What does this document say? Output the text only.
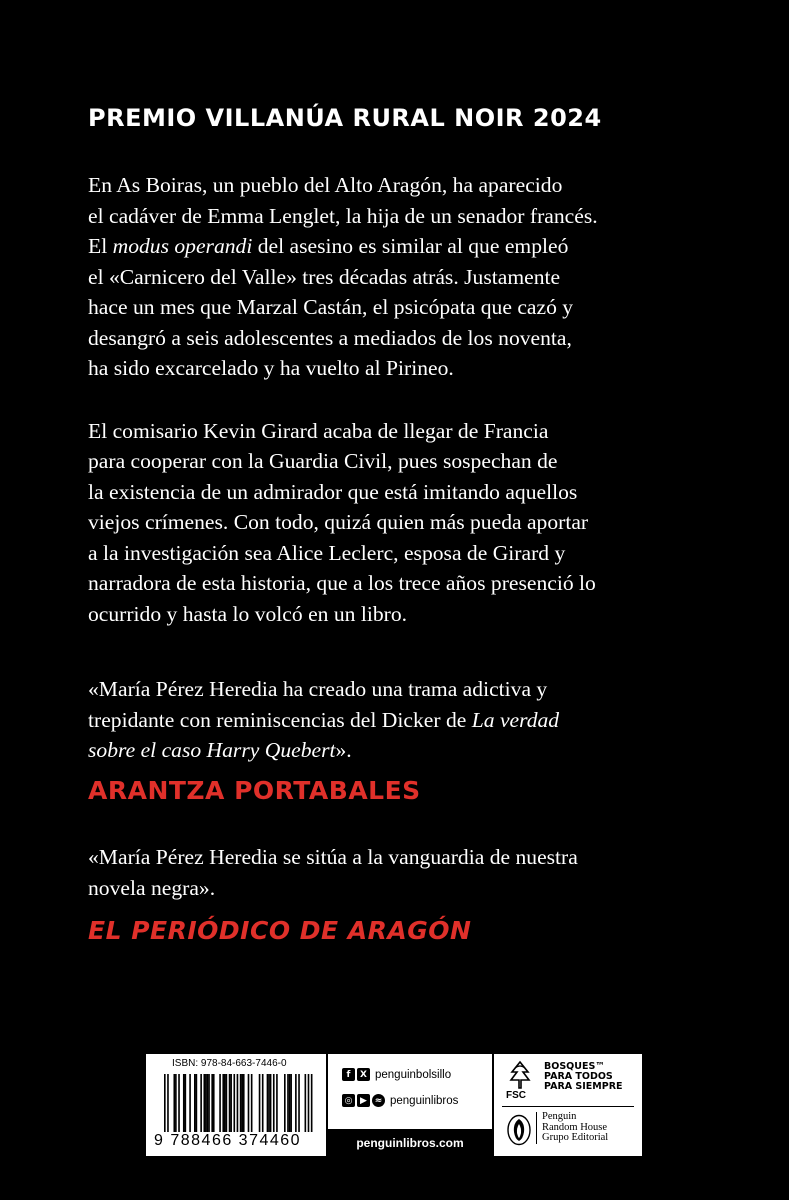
PREMIO VILLANÚA RURAL NOIR 2024

En As Boiras, un pueblo del Alto Aragón, ha aparecido
el cadáver de Emma Lenglet, la hija de un senador francés.
El modus operandi del asesino es similar al que empleó
el «Carnicero del Valle» tres décadas atrás. Justamente
hace un mes que Marzal Castán, el psicópata que cazó y
desangró a seis adolescentes a mediados de los noventa,
ha sido excarcelado y ha vuelto al Pirineo.

El comisario Kevin Girard acaba de llegar de Francia
para cooperar con la Guardia Civil, pues sospechan de
la existencia de un admirador que está imitando aquellos
viejos crímenes. Con todo, quizá quien más pueda aportar
a la investigación sea Alice Leclerc, esposa de Girard y
narradora de esta historia, que a los trece años presenció lo
ocurrido y hasta lo volcó en un libro.

«María Pérez Heredia ha creado una trama adictiva y
trepidante con reminiscencias del Dicker de La verdad
sobre el caso Harry Quebert».
ARANTZA PORTABALES
«María Pérez Heredia se sitúa a la vanguardia de nuestra
novela negra».
EL PERIÓDICO DE ARAGÓN
ISBN: 978-84-663-7446-0
9 788466 374460
f	X penguinbolsillo
◎ ▶ ≈ penguinlibros
penguinlibros.com
FSC
BOSQUES™
PARA TODOS
PARA SIEMPRE
Penguin
Random House
Grupo Editorial
